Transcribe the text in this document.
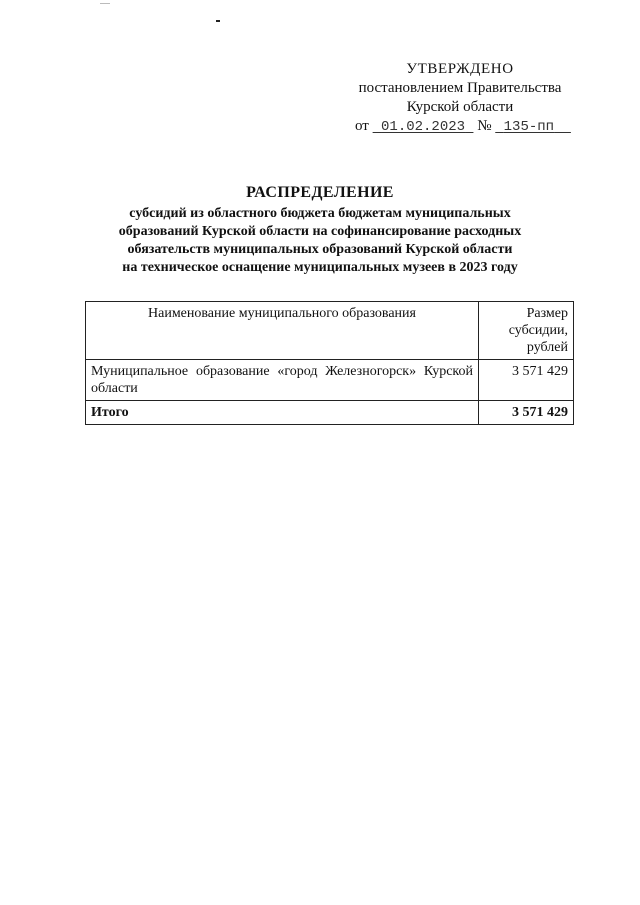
УТВЕРЖДЕНО
постановлением Правительства
Курской области
от 01.02.2023 № 135-пп
РАСПРЕДЕЛЕНИЕ
субсидий из областного бюджета бюджетам муниципальных
образований Курской области на софинансирование расходных
обязательств муниципальных образований Курской области
на техническое оснащение муниципальных музеев в 2023 году
Наименование муниципального образования	Размер субсидии, рублей
Муниципальное образование «город Железногорск» Курской области	3 571 429
Итого	3 571 429
